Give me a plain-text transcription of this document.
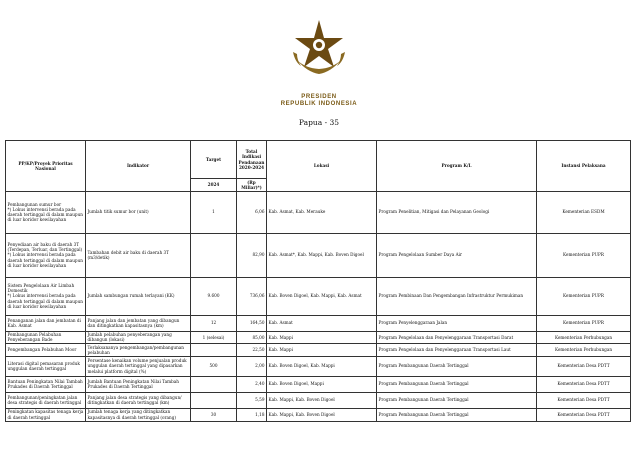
PRESIDEN
REPUBLIK INDONESIA
Papua - 35
PP/KP/Proyek Prioritas Nasional	Indikator	Target	Total Indikasi Pendanaan 2020-2024	Lokasi	Program K/L	Instansi Pelaksana
		2024	(Rp Miliar)*)			
Pembangunan sumur bor
*) Lokus intervensi berada pada daerah tertinggal di dalam maupun di luar koridor kewilayahan	Jumlah titik sumur bor (unit)	1	6,06	Kab. Asmat, Kab. Merauke	Program Penelitian, Mitigasi dan Pelayanan Geologi	Kementerian ESDM
Penyediaan air baku di daerah 3T (Terdepan, Terluar, dan Tertinggal)
*) Lokus intervensi berada pada daerah tertinggal di dalam maupun di luar koridor kewilayahan	Tambahan debit air baku di daerah 3T (m3/detik)		82,90	Kab. Asmat*, Kab. Mappi, Kab. Boven Digoel	Program Pengelolaan Sumber Daya Air	Kementerian PUPR
Sistem Pengelolaan Air Limbah Domestik
*) Lokus intervensi berada pada daerah tertinggal di dalam maupun di luar koridor kewilayahan	Jumlah sambungan rumah terlayani (KK)	9.600	736,06	Kab. Boven Digoel, Kab. Mappi, Kab. Asmat	Program Pembinaan Dan Pengembangan Infrastruktur Permukiman	Kementerian PUPR
Penanganan jalan dan jembatan di Kab. Asmat	Panjang jalan dan jembatan yang dibangun dan ditingkatkan kapasitasnya (km)	12	164,50	Kab. Asmat	Program Penyelenggaraan Jalan	Kementerian PUPR
Pembangunan Pelabuhan Penyeberangan Bade	Jumlah pelabuhan penyeberangan yang dibangun (lokasi)	1 (selesai)	85,00	Kab. Mappi	Program Pengelolaan dan Penyelenggaraan Transportasi Darat	Kementerian Perhubungan
Pengembangan Pelabuhan Moor	Terlaksananya pengembangan/pembangunan pelabuhan		22,50	Kab. Mappi	Program Pengelolaan dan Penyelenggaraan Transportasi Laut	Kementerian Perhubungan
Literasi digital pemasaran produk unggulan daerah tertinggal	Persentase kenaikan volume penjualan produk unggulan daerah tertinggal yang dipasarkan melalui platform digital (%)	500	2,00	Kab. Boven Digoel, Kab. Mappi	Program Pembangunan Daerah Tertinggal	Kementerian Desa PDTT
Bantuan Peningkatan Nilai Tambah Prukades di Daerah Tertinggal	Jumlah Bantuan Peningkatan Nilai Tambah Prukades di Daerah Tertinggal		2,40	Kab. Boven Digoel, Mappi	Program Pembangunan Daerah Tertinggal	Kementerian Desa PDTT
Pembangunan/peningkatan jalan desa strategis di daerah tertinggal	Panjang jalan desa strategis yang dibangun/ ditingkatkan di daerah tertinggal (km)		5,59	Kab. Mappi, Kab. Boven Digoel	Program Pembangunan Daerah Tertinggal	Kementerian Desa PDTT
Peningkatan kapasitas tenaga kerja di daerah tertinggal	Jumlah tenaga kerja yang ditingkatkan kapasitasnya di daerah tertinggal (orang)	30	1,18	Kab. Mappi, Kab. Boven Digoel	Program Pembangunan Daerah Tertinggal	Kementerian Desa PDTT
